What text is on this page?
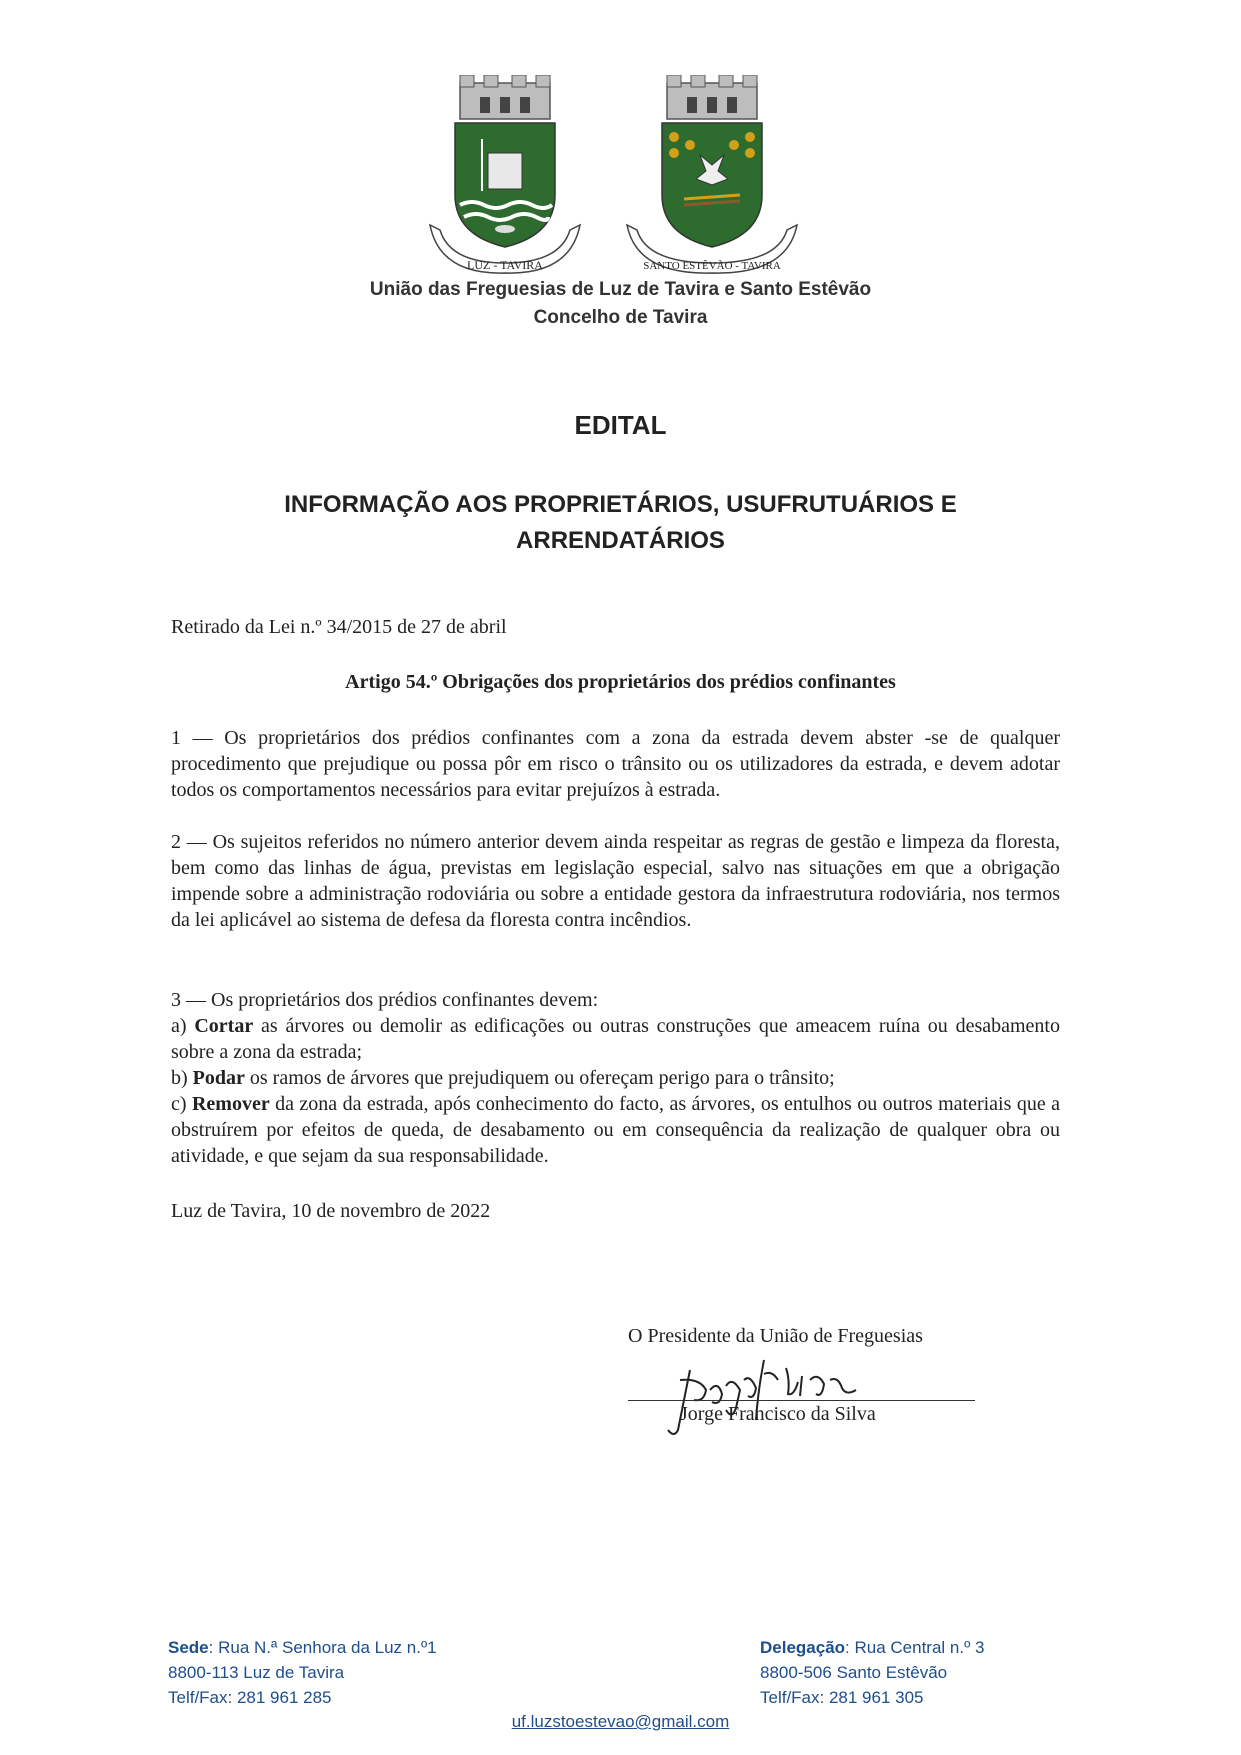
LUZ - TAVIRA	SANTO ESTÊVÃO - TAVIRA
União das Freguesias de Luz de Tavira e Santo Estêvão
Concelho de Tavira
EDITAL
INFORMAÇÃO AOS PROPRIETÁRIOS, USUFRUTUÁRIOS E
ARRENDATÁRIOS
Retirado da Lei n.º 34/2015 de 27 de abril
Artigo 54.º Obrigações dos proprietários dos prédios confinantes
1 — Os proprietários dos prédios confinantes com a zona da estrada devem abster -se de qualquer procedimento que prejudique ou possa pôr em risco o trânsito ou os utilizadores da estrada, e devem adotar todos os comportamentos necessários para evitar prejuízos à estrada.
2 — Os sujeitos referidos no número anterior devem ainda respeitar as regras de gestão e limpeza da floresta, bem como das linhas de água, previstas em legislação especial, salvo nas situações em que a obrigação impende sobre a administração rodoviária ou sobre a entidade gestora da infraestrutura rodoviária, nos termos da lei aplicável ao sistema de defesa da floresta contra incêndios.
3 — Os proprietários dos prédios confinantes devem:
a) Cortar as árvores ou demolir as edificações ou outras construções que ameacem ruína ou desabamento sobre a zona da estrada;
b) Podar os ramos de árvores que prejudiquem ou ofereçam perigo para o trânsito;
c) Remover da zona da estrada, após conhecimento do facto, as árvores, os entulhos ou outros materiais que a obstruírem por efeitos de queda, de desabamento ou em consequência da realização de qualquer obra ou atividade, e que sejam da sua responsabilidade.
Luz de Tavira, 10 de novembro de 2022
O Presidente da União de Freguesias
Jorge Francisco da Silva
Sede: Rua N.ª Senhora da Luz n.º1
8800-113 Luz de Tavira
Telf/Fax: 281 961 285
Delegação: Rua Central n.º 3
8800-506 Santo Estêvão
Telf/Fax: 281 961 305
uf.luzstoestevao@gmail.com
